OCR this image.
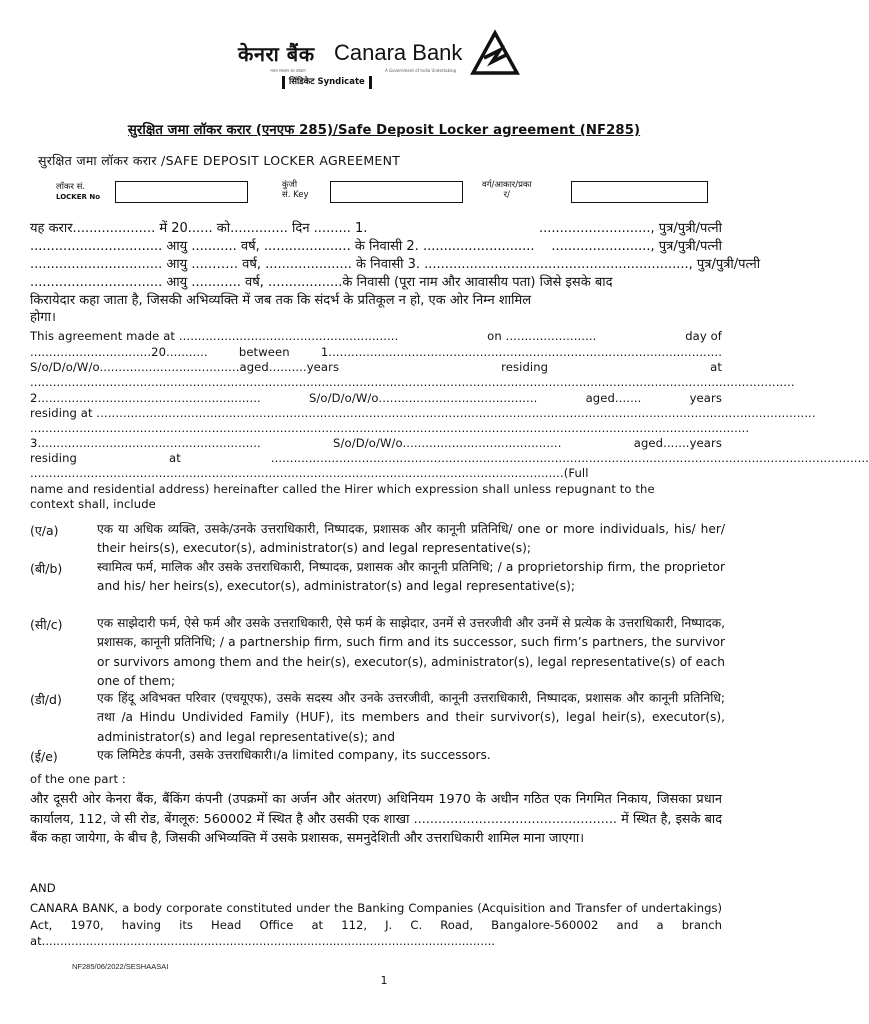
केनरा बैंक Canara Bank
भारत सरकार का उपक्रम	A Government of India Undertaking
सिंडिकेट Syndicate
सुरक्षित जमा लॉकर करार (एनएफ 285)/Safe Deposit Locker agreement (NF285)
सुरक्षित जमा लॉकर करार /SAFE DEPOSIT LOCKER AGREEMENT
लॉकर सं.
LOCKER No
कुंजी
सं. Key
वर्ग/आकार/प्रका
र/
यह करार.................... में 20...... को.............. दिन ......... 1.	..........................., पुत्र/पुत्री/पत्नी
................................ आयु ........... वर्ष, ..................... के निवासी 2. ........................... ........................, पुत्र/पुत्री/पत्नी
................................ आयु ....……. वर्ष, ..................... के निवासी 3. .......................................... ......................, पुत्र/पुत्री/पत्नी
................................ आयु ............ वर्ष, ..................के निवासी (पूरा नाम और आवासीय पता) जिसे इसके बाद
किरायेदार कहा जाता है, जिसकी अभिव्यक्ति में जब तक कि संदर्भ के प्रतिकूल न हो, एक ओर निम्न शामिल
होगा।
This agreement made at ..........................................................	on ........................	day of
................................20...........	between	1........................................................................................................
S/o/D/o/W/o.....................................aged..........years	residing	at
..........................................................................................................................................................................................................
2...........................................................	S/o/D/o/W/o..........................................	aged.......	years
residing at ..............................................................................................................................................................................................
..............................................................................................................................................................................................
3...........................................................	S/o/D/o/W/o..........................................	aged.......years
residing	at	..............................................................................................................................................................
.............................................................................................................................................(Full
name and residential address) hereinafter called the Hirer which expression shall unless repugnant to the
context shall, include
(ए/a)	एक या अधिक व्यक्ति, उसके/उनके उत्तराधिकारी, निष्पादक, प्रशासक और कानूनी प्रतिनिधि/ one or more individuals, his/ her/ their heirs(s), executor(s), administrator(s) and legal representative(s);
(बी/b)	स्वामित्व फर्म, मालिक और उसके उत्तराधिकारी, निष्पादक, प्रशासक और कानूनी प्रतिनिधि; / a proprietorship firm, the proprietor and his/ her heirs(s), executor(s), administrator(s) and legal representative(s);
(सी/c)	एक साझेदारी फर्म, ऐसे फर्म और उसके उत्तराधिकारी, ऐसे फर्म के साझेदार, उनमें से उत्तरजीवी और उनमें से प्रत्येक के उत्तराधिकारी, निष्पादक, प्रशासक, कानूनी प्रतिनिधि; / a partnership firm, such firm and its successor, such firm’s partners, the survivor or survivors among them and the heir(s), executor(s), administrator(s), legal representative(s) of each one of them;
(डी/d)	एक हिंदू अविभक्त परिवार (एचयूएफ), उसके सदस्य और उनके उत्तरजीवी, कानूनी उत्तराधिकारी, निष्पादक, प्रशासक और कानूनी प्रतिनिधि; तथा /a Hindu Undivided Family (HUF), its members and their survivor(s), legal heir(s), executor(s), administrator(s) and legal representative(s); and
(ई/e)	एक लिमिटेड कंपनी, उसके उत्तराधिकारी।/a limited company, its successors.
of the one part :
और दूसरी ओर केनरा बैंक, बैंकिंग कंपनी (उपक्रमों का अर्जन और अंतरण) अधिनियम 1970 के अधीन गठित एक निगमित निकाय, जिसका प्रधान कार्यालय, 112, जे सी रोड, बेंगलूरु: 560002 में स्थित है और उसकी एक शाखा .................................................. में स्थित है, इसके बाद बैंक कहा जायेगा, के बीच है, जिसकी अभिव्यक्ति में उसके प्रशासक, समनुदेशिती और उत्तराधिकारी शामिल माना जाएगा।
AND
CANARA BANK, a body corporate constituted under the Banking Companies (Acquisition and Transfer of undertakings) Act, 1970, having its Head Office at 112, J. C. Road, Bangalore-560002 and a branch at...........................................................................................................................
NF285/06/2022/SESHAASAI
1
